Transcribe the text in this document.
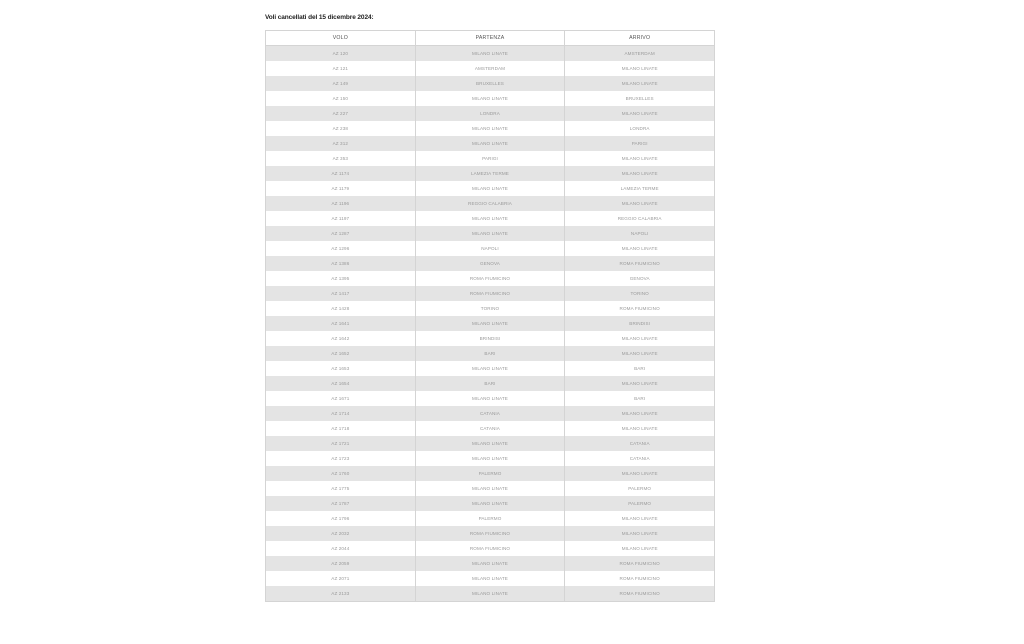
Voli cancellati del 15 dicembre 2024:
VOLO	PARTENZA	ARRIVO
AZ 120	MILANO LINATE	AMSTERDAM
AZ 121	AMSTERDAM	MILANO LINATE
AZ 149	BRUXELLES	MILANO LINATE
AZ 150	MILANO LINATE	BRUXELLES
AZ 227	LONDRA	MILANO LINATE
AZ 238	MILANO LINATE	LONDRA
AZ 312	MILANO LINATE	PARIGI
AZ 353	PARIGI	MILANO LINATE
AZ 1174	LAMEZIA TERME	MILANO LINATE
AZ 1179	MILANO LINATE	LAMEZIA TERME
AZ 1196	REGGIO CALABRIA	MILANO LINATE
AZ 1197	MILANO LINATE	REGGIO CALABRIA
AZ 1287	MILANO LINATE	NAPOLI
AZ 1296	NAPOLI	MILANO LINATE
AZ 1386	GENOVA	ROMA FIUMICINO
AZ 1395	ROMA FIUMICINO	GENOVA
AZ 1417	ROMA FIUMICINO	TORINO
AZ 1428	TORINO	ROMA FIUMICINO
AZ 1641	MILANO LINATE	BRINDISI
AZ 1642	BRINDISI	MILANO LINATE
AZ 1652	BARI	MILANO LINATE
AZ 1653	MILANO LINATE	BARI
AZ 1654	BARI	MILANO LINATE
AZ 1671	MILANO LINATE	BARI
AZ 1714	CATANIA	MILANO LINATE
AZ 1718	CATANIA	MILANO LINATE
AZ 1721	MILANO LINATE	CATANIA
AZ 1723	MILANO LINATE	CATANIA
AZ 1760	PALERMO	MILANO LINATE
AZ 1775	MILANO LINATE	PALERMO
AZ 1787	MILANO LINATE	PALERMO
AZ 1796	PALERMO	MILANO LINATE
AZ 2032	ROMA FIUMICINO	MILANO LINATE
AZ 2044	ROMA FIUMICINO	MILANO LINATE
AZ 2059	MILANO LINATE	ROMA FIUMICINO
AZ 2071	MILANO LINATE	ROMA FIUMICINO
AZ 2133	MILANO LINATE	ROMA FIUMICINO
